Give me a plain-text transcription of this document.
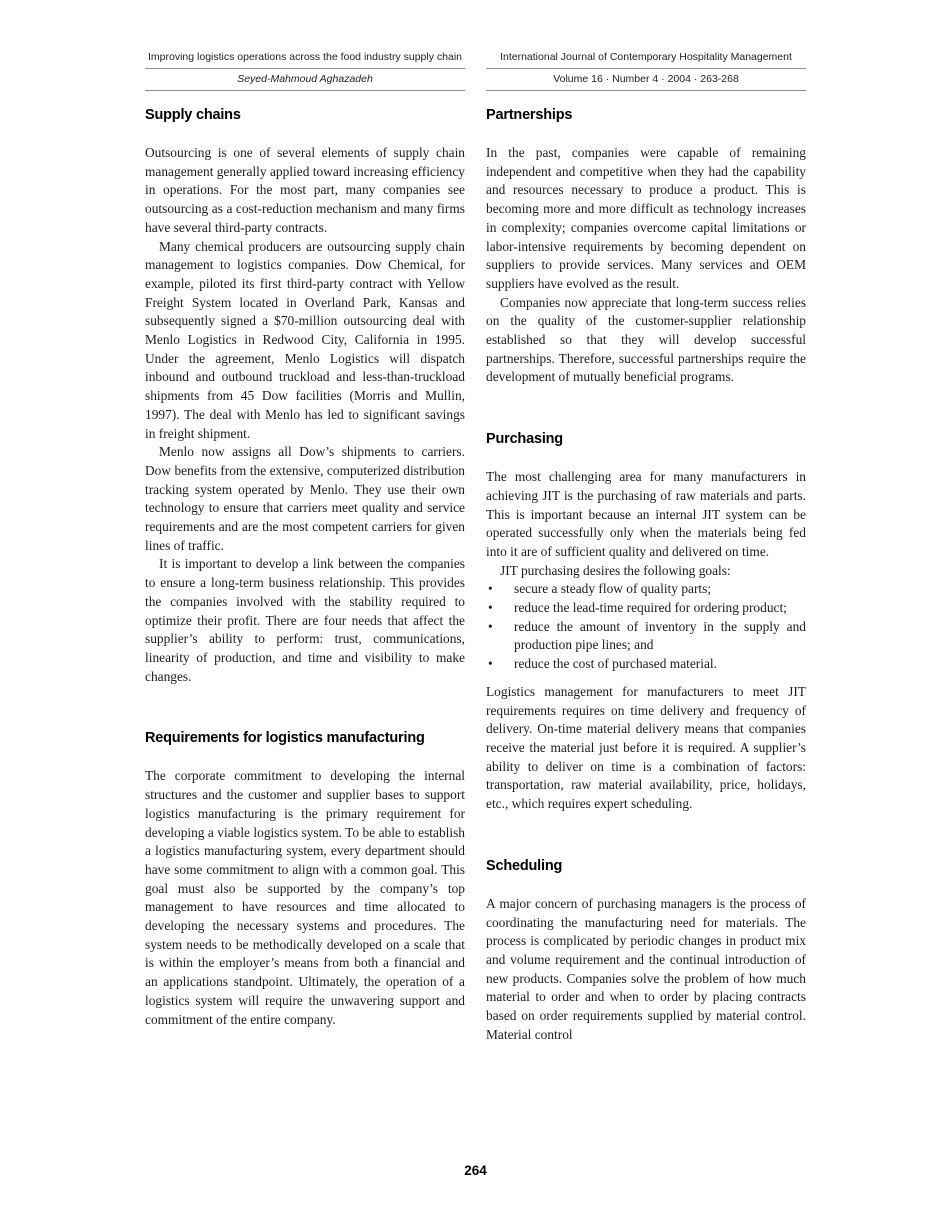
Improving logistics operations across the food industry supply chain
Seyed-Mahmoud Aghazadeh
International Journal of Contemporary Hospitality Management
Volume 16 · Number 4 · 2004 · 263-268
Supply chains

Outsourcing is one of several elements of supply chain management generally applied toward increasing efficiency in operations. For the most part, many companies see outsourcing as a cost-reduction mechanism and many firms have several third-party contracts.

Many chemical producers are outsourcing supply chain management to logistics companies. Dow Chemical, for example, piloted its first third-party contract with Yellow Freight System located in Overland Park, Kansas and subsequently signed a $70-million outsourcing deal with Menlo Logistics in Redwood City, California in 1995. Under the agreement, Menlo Logistics will dispatch inbound and outbound truckload and less-than-truckload shipments from 45 Dow facilities (Morris and Mullin, 1997). The deal with Menlo has led to significant savings in freight shipment.

Menlo now assigns all Dow’s shipments to carriers. Dow benefits from the extensive, computerized distribution tracking system operated by Menlo. They use their own technology to ensure that carriers meet quality and service requirements and are the most competent carriers for given lines of traffic.

It is important to develop a link between the companies to ensure a long-term business relationship. This provides the companies involved with the stability required to optimize their profit. There are four needs that affect the supplier’s ability to perform: trust, communications, linearity of production, and time and visibility to make changes.

Requirements for logistics manufacturing

The corporate commitment to developing the internal structures and the customer and supplier bases to support logistics manufacturing is the primary requirement for developing a viable logistics system. To be able to establish a logistics manufacturing system, every department should have some commitment to align with a common goal. This goal must also be supported by the company’s top management to have resources and time allocated to developing the necessary systems and procedures. The system needs to be methodically developed on a scale that is within the employer’s means from both a financial and an applications standpoint. Ultimately, the operation of a logistics system will require the unwavering support and commitment of the entire company.

Partnerships

In the past, companies were capable of remaining independent and competitive when they had the capability and resources necessary to produce a product. This is becoming more and more difficult as technology increases in complexity; companies overcome capital limitations or labor-intensive requirements by becoming dependent on suppliers to provide services. Many services and OEM suppliers have evolved as the result.

Companies now appreciate that long-term success relies on the quality of the customer-supplier relationship established so that they will develop successful partnerships. Therefore, successful partnerships require the development of mutually beneficial programs.

Purchasing

The most challenging area for many manufacturers in achieving JIT is the purchasing of raw materials and parts. This is important because an internal JIT system can be operated successfully only when the materials being fed into it are of sufficient quality and delivered on time.

JIT purchasing desires the following goals:

• secure a steady flow of quality parts;
• reduce the lead-time required for ordering product;
• reduce the amount of inventory in the supply and production pipe lines; and
• reduce the cost of purchased material.

Logistics management for manufacturers to meet JIT requirements requires on time delivery and frequency of delivery. On-time material delivery means that companies receive the material just before it is required. A supplier’s ability to deliver on time is a combination of factors: transportation, raw material availability, price, holidays, etc., which requires expert scheduling.

Scheduling

A major concern of purchasing managers is the process of coordinating the manufacturing need for materials. The process is complicated by periodic changes in product mix and volume requirement and the continual introduction of new products. Companies solve the problem of how much material to order and when to order by placing contracts based on order requirements supplied by material control. Material control

264
